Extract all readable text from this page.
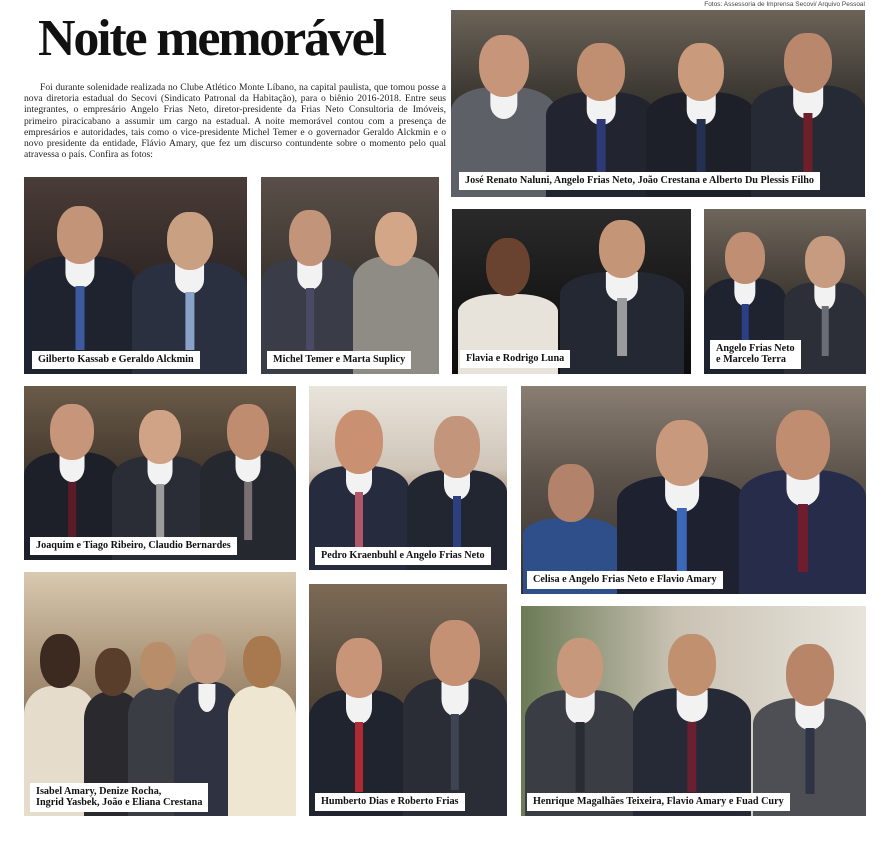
Fotos: Assessoria de Imprensa Secovi/ Arquivo Pessoal
Noite memorável

Foi durante solenidade realizada no Clube Atlético Monte Líbano, na capital paulista, que tomou posse a nova diretoria estadual do Secovi (Sindicato Patronal da Habitação), para o biênio 2016-2018. Entre seus integrantes, o empresário Angelo Frias Neto, diretor-presidente da Frias Neto Consultoria de Imóveis, primeiro piracicabano a assumir um cargo na estadual. A noite memorável contou com a presença de empresários e autoridades, tais como o vice-presidente Michel Temer e o governador Geraldo Alckmin e o novo presidente da entidade, Flávio Amary, que fez um discurso contundente sobre o momento pelo qual atravessa o país. Confira as fotos:

José Renato Naluni, Angelo Frias Neto, João Crestana e Alberto Du Plessis Filho
Gilberto Kassab e Geraldo Alckmin	Michel Temer e Marta Suplicy	Flavia e Rodrigo Luna
Angelo Frias Neto
e Marcelo Terra
Joaquim e Tiago Ribeiro, Claudio Bernardes
Pedro Kraenbuhl e Angelo Frias Neto
Celisa e Angelo Frias Neto e Flavio Amary
Isabel Amary, Denize Rocha,
Ingrid Yasbek, João e Eliana Crestana	Humberto Dias e Roberto Frias	Henrique Magalhães Teixeira, Flavio Amary e Fuad Cury
